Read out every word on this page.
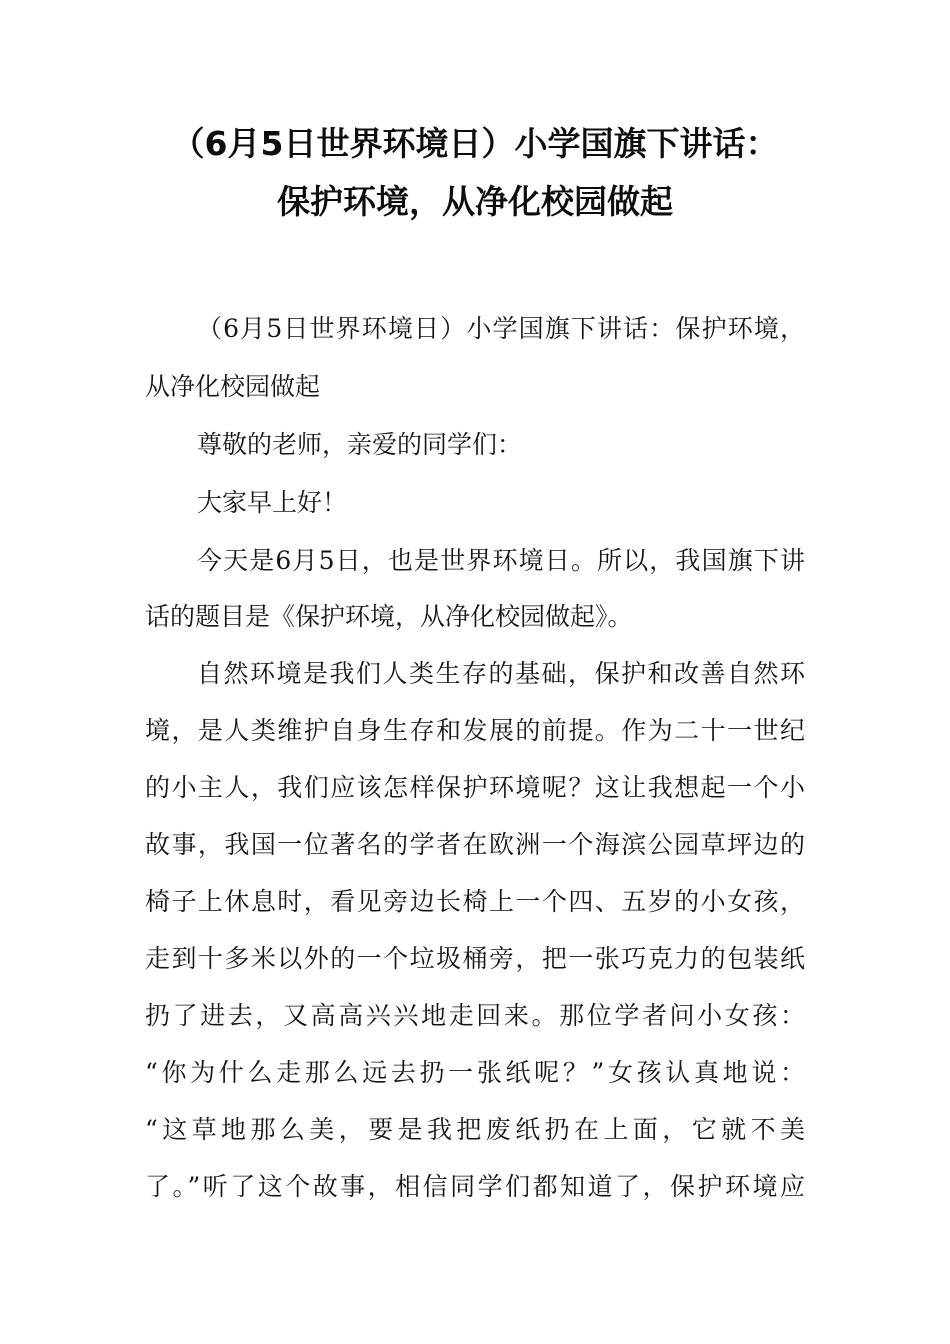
（6月5日世界环境日）小学国旗下讲话：
保护环境，从净化校园做起

（6月5日世界环境日）小学国旗下讲话：保护环境，

从净化校园做起

尊敬的老师，亲爱的同学们：

大家早上好！

今天是6月5日，也是世界环境日。所以，我国旗下讲

话的题目是《保护环境，从净化校园做起》。

自然环境是我们人类生存的基础，保护和改善自然环

境，是人类维护自身生存和发展的前提。作为二十一世纪

的小主人，我们应该怎样保护环境呢？这让我想起一个小

故事，我国一位著名的学者在欧洲一个海滨公园草坪边的

椅子上休息时，看见旁边长椅上一个四、五岁的小女孩，

走到十多米以外的一个垃圾桶旁，把一张巧克力的包装纸

扔了进去，又高高兴兴地走回来。那位学者问小女孩：

“你为什么走那么远去扔一张纸呢？”女孩认真地说：

“这草地那么美，要是我把废纸扔在上面，它就不美

了。”听了这个故事，相信同学们都知道了，保护环境应
